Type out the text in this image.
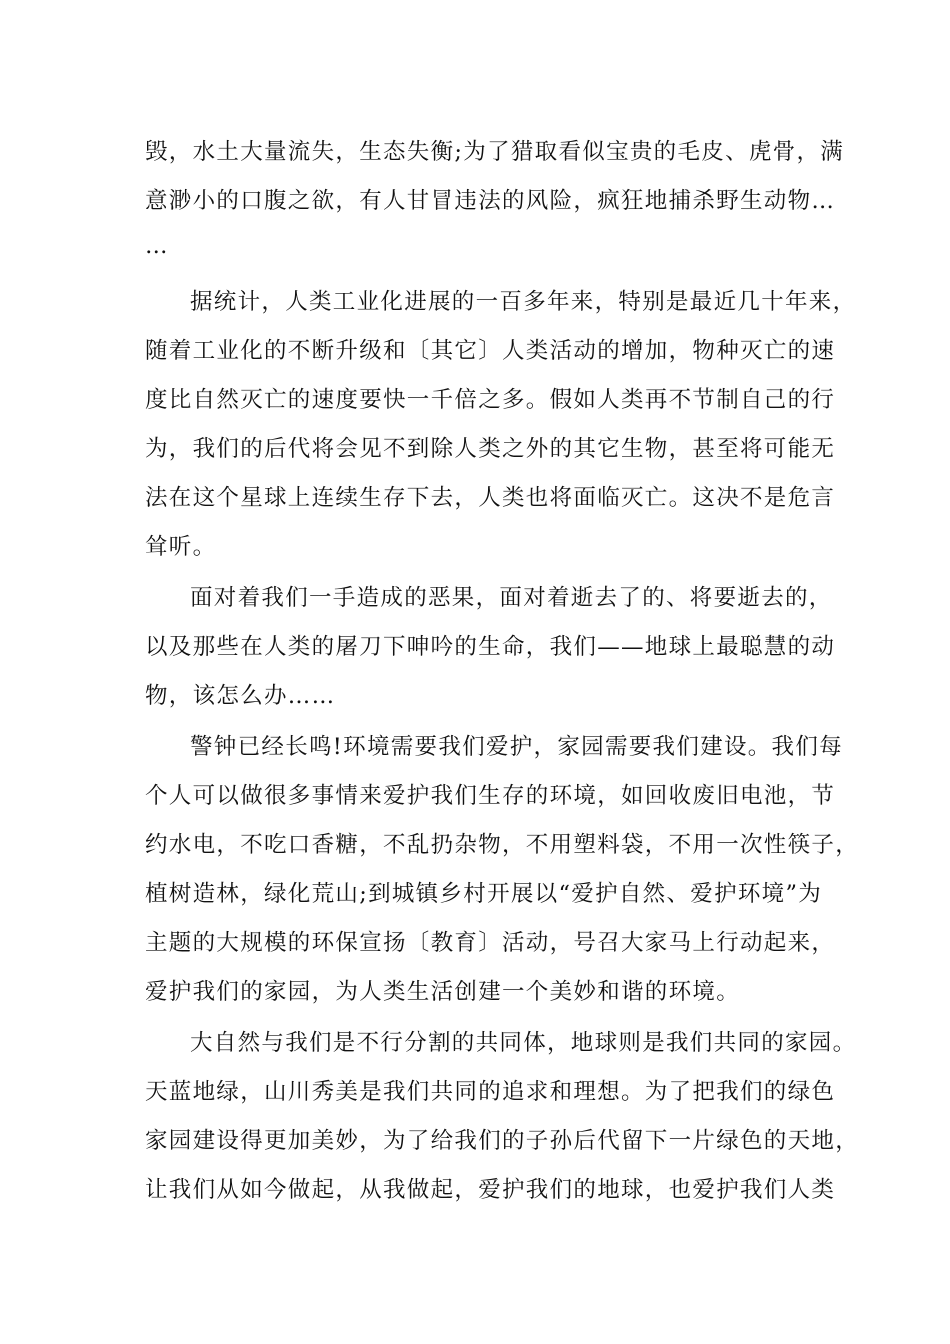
毁，水土大量流失，生态失衡;为了猎取看似宝贵的毛皮、虎骨，满
意渺小的口腹之欲，有人甘冒违法的风险，疯狂地捕杀野生动物…
…
据统计，人类工业化进展的一百多年来，特别是最近几十年来，
随着工业化的不断升级和〔其它〕人类活动的增加，物种灭亡的速
度比自然灭亡的速度要快一千倍之多。假如人类再不节制自己的行
为，我们的后代将会见不到除人类之外的其它生物，甚至将可能无
法在这个星球上连续生存下去，人类也将面临灭亡。这决不是危言
耸听。
面对着我们一手造成的恶果，面对着逝去了的、将要逝去的，
以及那些在人类的屠刀下呻吟的生命，我们——地球上最聪慧的动
物，该怎么办……
警钟已经长鸣!环境需要我们爱护，家园需要我们建设。我们每
个人可以做很多事情来爱护我们生存的环境，如回收废旧电池，节
约水电，不吃口香糖，不乱扔杂物，不用塑料袋，不用一次性筷子，
植树造林，绿化荒山;到城镇乡村开展以“爱护自然、爱护环境”为
主题的大规模的环保宣扬〔教育〕活动，号召大家马上行动起来，
爱护我们的家园，为人类生活创建一个美妙和谐的环境。
大自然与我们是不行分割的共同体，地球则是我们共同的家园。
天蓝地绿，山川秀美是我们共同的追求和理想。为了把我们的绿色
家园建设得更加美妙，为了给我们的子孙后代留下一片绿色的天地，
让我们从如今做起，从我做起，爱护我们的地球，也爱护我们人类
